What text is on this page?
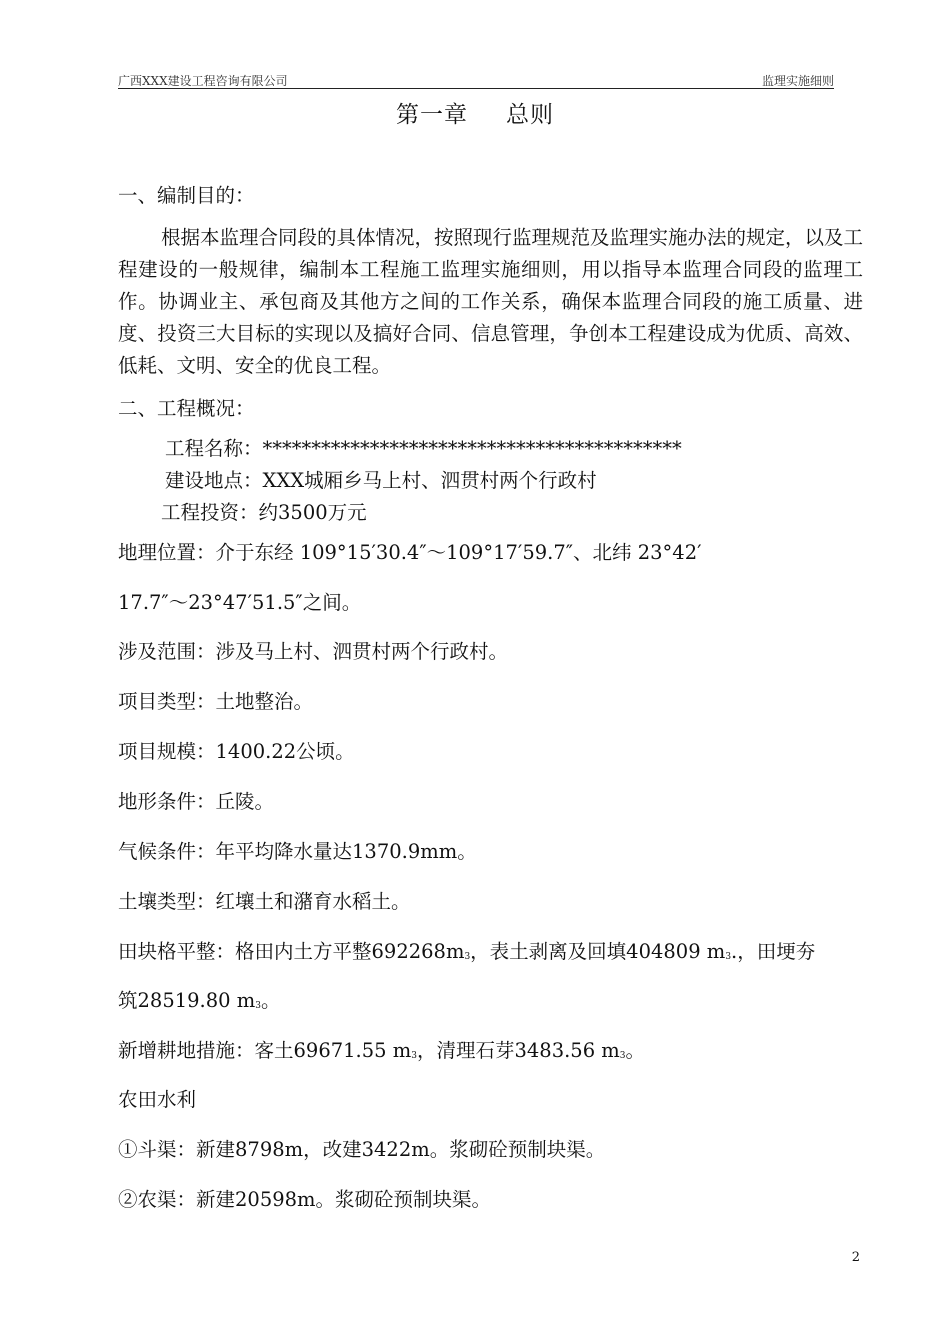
广西XXX建设工程咨询有限公司	监理实施细则
第一章 总则
一、编制目的：
根据本监理合同段的具体情况，按照现行监理规范及监理实施办法的规定，以及工程建设的一般规律，编制本工程施工监理实施细则，用以指导本监理合同段的监理工作。协调业主、承包商及其他方之间的工作关系，确保本监理合同段的施工质量、进度、投资三大目标的实现以及搞好合同、信息管理，争创本工程建设成为优质、高效、低耗、文明、安全的优良工程。
二、工程概况：
工程名称：*******************************************
建设地点：XXX城厢乡马上村、泗贯村两个行政村
工程投资：约3500万元
地理位置：介于东经 109°15′30.4″～109°17′59.7″、北纬 23°42′
17.7″～23°47′51.5″之间。
涉及范围：涉及马上村、泗贯村两个行政村。
项目类型：土地整治。
项目规模：1400.22公顷。
地形条件：丘陵。
气候条件：年平均降水量达1370.9mm。
土壤类型：红壤土和潴育水稻土。
田块格平整：格田内土方平整$692268m^3$，表土剥离及回填404809 $m^3$.，田埂夯
筑28519.80 $m^3$。
新增耕地措施：客土69671.55 $m^3$，清理石芽3483.56 $m^3$。
农田水利
①斗渠：新建8798m，改建3422m。浆砌砼预制块渠。
②农渠：新建20598m。浆砌砼预制块渠。
2
